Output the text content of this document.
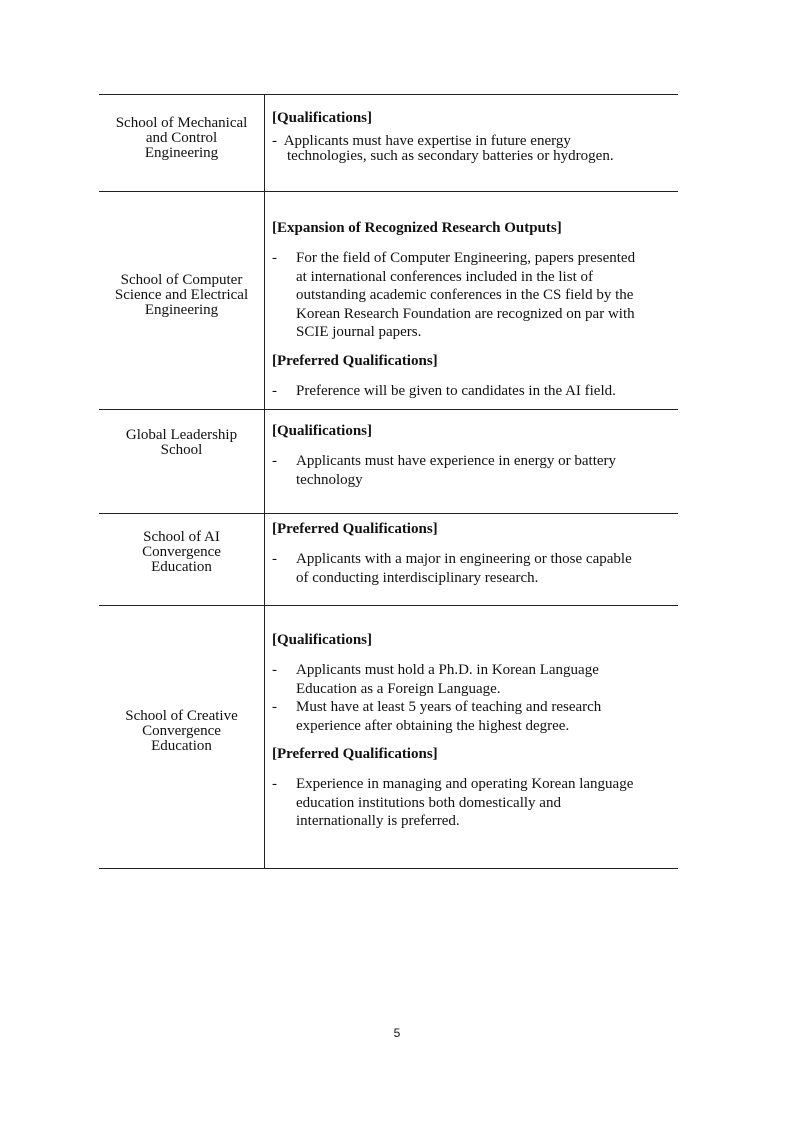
School of Mechanical
and Control
Engineering

[Qualifications]

- Applicants must have expertise in future energy
technologies, such as secondary batteries or hydrogen.
School of Computer
Science and Electrical
Engineering

[Expansion of Recognized Research Outputs]

- For the field of Computer Engineering, papers presented
at international conferences included in the list of
outstanding academic conferences in the CS field by the
Korean Research Foundation are recognized on par with
SCIE journal papers.

[Preferred Qualifications]

- Preference will be given to candidates in the AI field.
Global Leadership
School

[Qualifications]

- Applicants must have experience in energy or battery
technology
School of AI
Convergence
Education

[Preferred Qualifications]

- Applicants with a major in engineering or those capable
of conducting interdisciplinary research.
School of Creative
Convergence
Education

[Qualifications]

- Applicants must hold a Ph.D. in Korean Language
Education as a Foreign Language.
- Must have at least 5 years of teaching and research
experience after obtaining the highest degree.

[Preferred Qualifications]

- Experience in managing and operating Korean language
education institutions both domestically and
internationally is preferred.
5
